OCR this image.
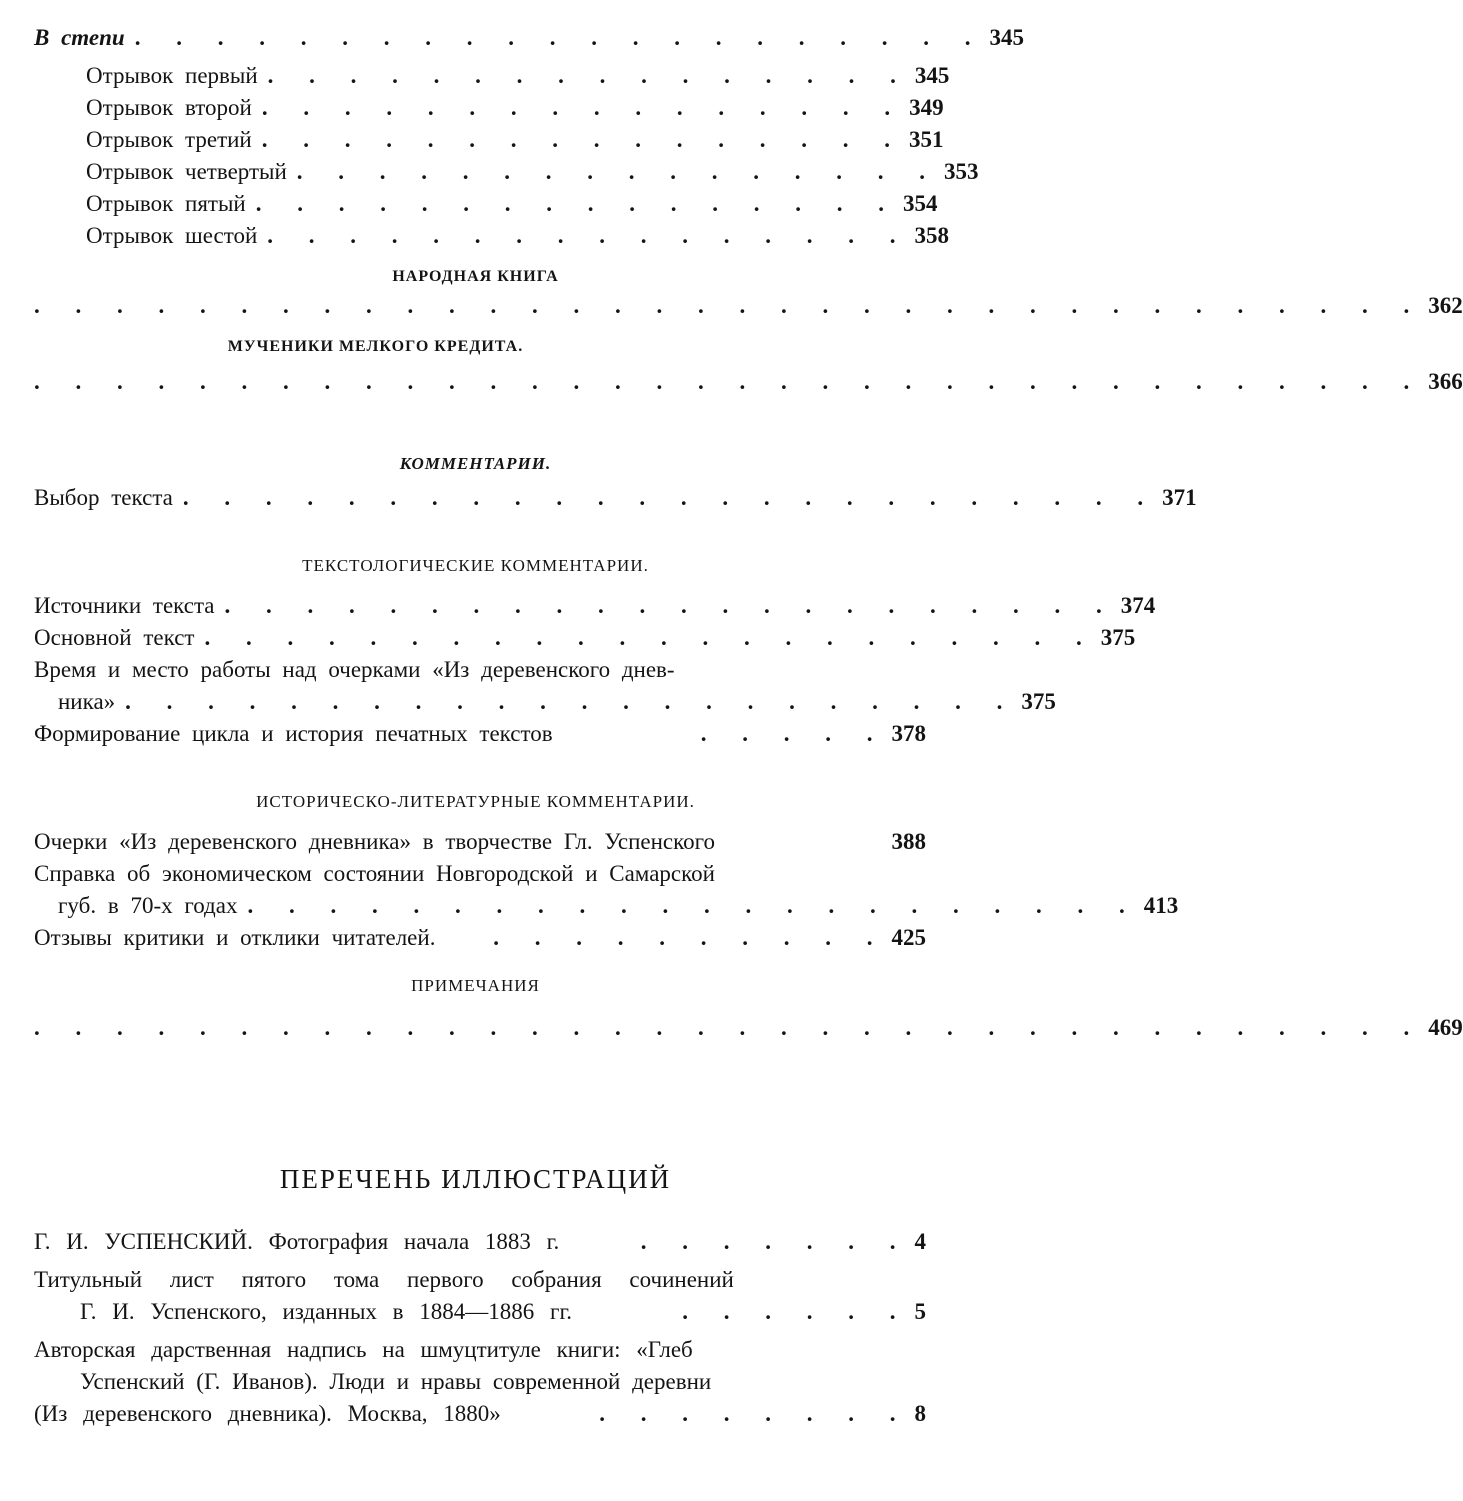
В степи . . . . . . . . . . . . . . . . . . . . . 345
Отрывок первый . . . . . . . . . . . . . . . . 345
Отрывок второй . . . . . . . . . . . . . . . . 349
Отрывок третий . . . . . . . . . . . . . . . . 351
Отрывок четвертый . . . . . . . . . . . . . . . . 353
Отрывок пятый . . . . . . . . . . . . . . . . 354
Отрывок шестой . . . . . . . . . . . . . . . . 358
НАРОДНАЯ КНИГА
. . . . . . . . . . . . . . . . . . . . . . . . . . . . . . . . . . 362
МУЧЕНИКИ МЕЛКОГО КРЕДИТА.
. . . . . . . . . . . . . . . . . . . . . . . . . . . . . . . . . . 366
КОММЕНТАРИИ.
Выбор текста . . . . . . . . . . . . . . . . . . . . . . . . 371
ТЕКСТОЛОГИЧЕСКИЕ КОММЕНТАРИИ.
Источники текста . . . . . . . . . . . . . . . . . . . . . . 374
Основной текст . . . . . . . . . . . . . . . . . . . . . . 375
Время и место работы над очерками «Из деревенского днев-
ника» . . . . . . . . . . . . . . . . . . . . . . 375
Формирование цикла и история печатных текстов	. . . . . 378
ИСТОРИЧЕСКО-ЛИТЕРАТУРНЫЕ КОММЕНТАРИИ.
Очерки «Из деревенского дневника» в творчестве Гл. Успенского	388
Справка об экономическом состоянии Новгородской и Самарской
губ. в 70-х годах . . . . . . . . . . . . . . . . . . . . . . 413
Отзывы критики и отклики читателей.	. . . . . . . . . . 425
ПРИМЕЧАНИЯ
. . . . . . . . . . . . . . . . . . . . . . . . . . . . . . . . . . 469
ПЕРЕЧЕНЬ ИЛЛЮСТРАЦИЙ
Г. И. УСПЕНСКИЙ. Фотография начала 1883 г.	. . . . . . . 4
Титульный лист пятого тома первого собрания сочинений
Г. И. Успенского, изданных в 1884—1886 гг.	. . . . . . 5
Авторская дарственная надпись на шмуцтитуле книги: «Глеб
Успенский (Г. Иванов). Люди и нравы современной деревни
(Из деревенского дневника). Москва, 1880»	. . . . . . . . 8
